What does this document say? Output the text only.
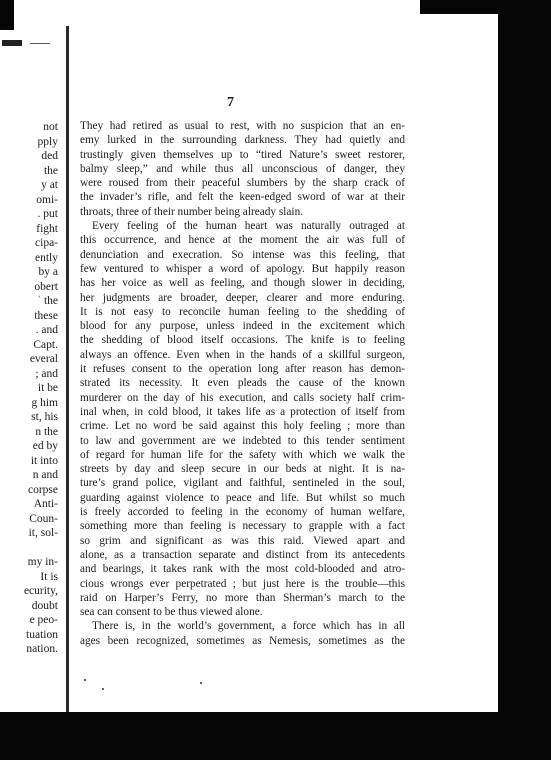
not
pply
ded
the
y at
omi-
. put
fight
cipa-
ently
by a
obert
ˈ the
these
. and
Capt.
everal
; and
it be
g him
st, his
n the
ed by
it into
n and
corpse
Anti-
Coun-
it, sol-
my in-
It is
ecurity,
doubt
e peo-
tuation
nation.
7
They had retired as usual to rest, with no suspicion that an en-
emy lurked in the surrounding darkness. They had quietly and
trustingly given themselves up to “tired Nature’s sweet restorer,
balmy sleep,” and while thus all unconscious of danger, they
were roused from their peaceful slumbers by the sharp crack of
the invader’s rifle, and felt the keen-edged sword of war at their
throats, three of their number being already slain.
Every feeling of the human heart was naturally outraged at
this occurrence, and hence at the moment the air was full of
denunciation and execration. So intense was this feeling, that
few ventured to whisper a word of apology. But happily reason
has her voice as well as feeling, and though slower in deciding,
her judgments are broader, deeper, clearer and more enduring.
It is not easy to reconcile human feeling to the shedding of
blood for any purpose, unless indeed in the excitement which
the shedding of blood itself occasions. The knife is to feeling
always an offence. Even when in the hands of a skillful surgeon,
it refuses consent to the operation long after reason has demon-
strated its necessity. It even pleads the cause of the known
murderer on the day of his execution, and calls society half crim-
inal when, in cold blood, it takes life as a protection of itself from
crime. Let no word be said against this holy feeling ; more than
to law and government are we indebted to this tender sentiment
of regard for human life for the safety with which we walk the
streets by day and sleep secure in our beds at night. It is na-
ture’s grand police, vigilant and faithful, sentineled in the soul,
guarding against violence to peace and life. But whilst so much
is freely accorded to feeling in the economy of human welfare,
something more than feeling is necessary to grapple with a fact
so grim and significant as was this raid. Viewed apart and
alone, as a transaction separate and distinct from its antecedents
and bearings, it takes rank with the most cold-blooded and atro-
cious wrongs ever perpetrated ; but just here is the trouble—this
raid on Harper’s Ferry, no more than Sherman’s march to the
sea can consent to be thus viewed alone.
There is, in the world’s government, a force which has in all
ages been recognized, sometimes as Nemesis, sometimes as the
